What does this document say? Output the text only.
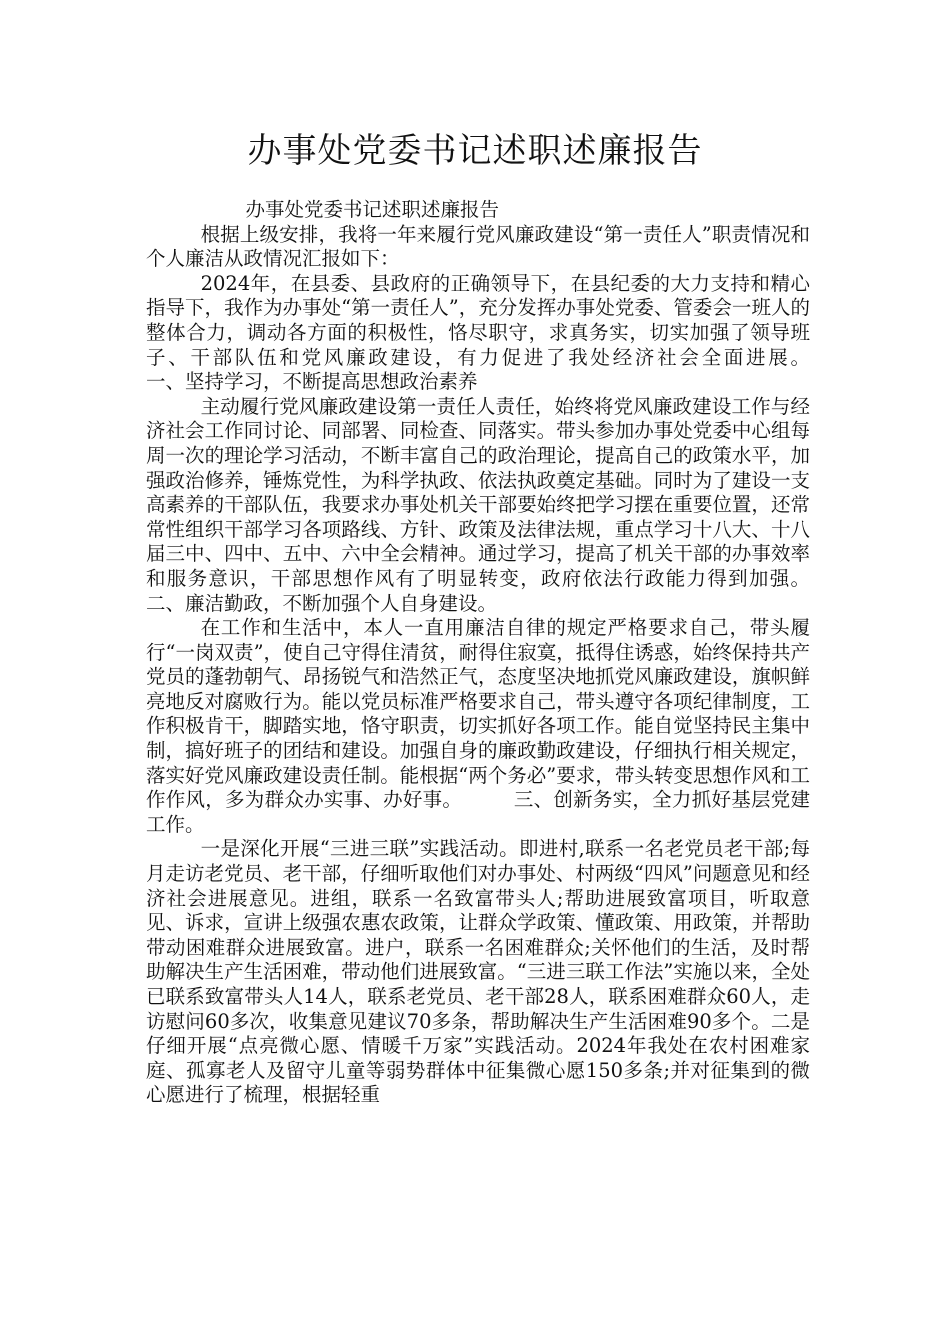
办事处党委书记述职述廉报告

办事处党委书记述职述廉报告

根据上级安排，我将一年来履行党风廉政建设“第一责任人”职责情况和个人廉洁从政情况汇报如下：

2024年，在县委、县政府的正确领导下，在县纪委的大力支持和精心指导下，我作为办事处“第一责任人”，充分发挥办事处党委、管委会一班人的整体合力，调动各方面的积极性，恪尽职守，求真务实，切实加强了领导班子、干部队伍和党风廉政建设，有力促进了我处经济社会全面进展。        一、坚持学习，不断提高思想政治素养

主动履行党风廉政建设第一责任人责任，始终将党风廉政建设工作与经济社会工作同讨论、同部署、同检查、同落实。带头参加办事处党委中心组每周一次的理论学习活动，不断丰富自己的政治理论，提高自己的政策水平，加强政治修养，锤炼党性，为科学执政、依法执政奠定基础。同时为了建设一支高素养的干部队伍，我要求办事处机关干部要始终把学习摆在重要位置，还常常性组织干部学习各项路线、方针、政策及法律法规，重点学习十八大、十八届三中、四中、五中、六中全会精神。通过学习，提高了机关干部的办事效率和服务意识，干部思想作风有了明显转变，政府依法行政能力得到加强。        二、廉洁勤政，不断加强个人自身建设。

在工作和生活中，本人一直用廉洁自律的规定严格要求自己，带头履行“一岗双责”，使自己守得住清贫，耐得住寂寞，抵得住诱惑，始终保持共产党员的蓬勃朝气、昂扬锐气和浩然正气，态度坚决地抓党风廉政建设，旗帜鲜亮地反对腐败行为。能以党员标准严格要求自己，带头遵守各项纪律制度，工作积极肯干，脚踏实地，恪守职责，切实抓好各项工作。能自觉坚持民主集中制，搞好班子的团结和建设。加强自身的廉政勤政建设，仔细执行相关规定，落实好党风廉政建设责任制。能根据“两个务必”要求，带头转变思想作风和工作作风，多为群众办实事、办好事。        三、创新务实，全力抓好基层党建工作。

一是深化开展“三进三联”实践活动。即进村,联系一名老党员老干部;每月走访老党员、老干部，仔细听取他们对办事处、村两级“四风”问题意见和经济社会进展意见。进组，联系一名致富带头人;帮助进展致富项目，听取意见、诉求，宣讲上级强农惠农政策，让群众学政策、懂政策、用政策，并帮助带动困难群众进展致富。进户，联系一名困难群众;关怀他们的生活，及时帮助解决生产生活困难，带动他们进展致富。“三进三联工作法”实施以来，全处已联系致富带头人14人，联系老党员、老干部28人，联系困难群众60人，走访慰问60多次，收集意见建议70多条，帮助解决生产生活困难90多个。二是仔细开展“点亮微心愿、情暖千万家”实践活动。2024年我处在农村困难家庭、孤寡老人及留守儿童等弱势群体中征集微心愿150多条;并对征集到的微心愿进行了梳理，根据轻重
